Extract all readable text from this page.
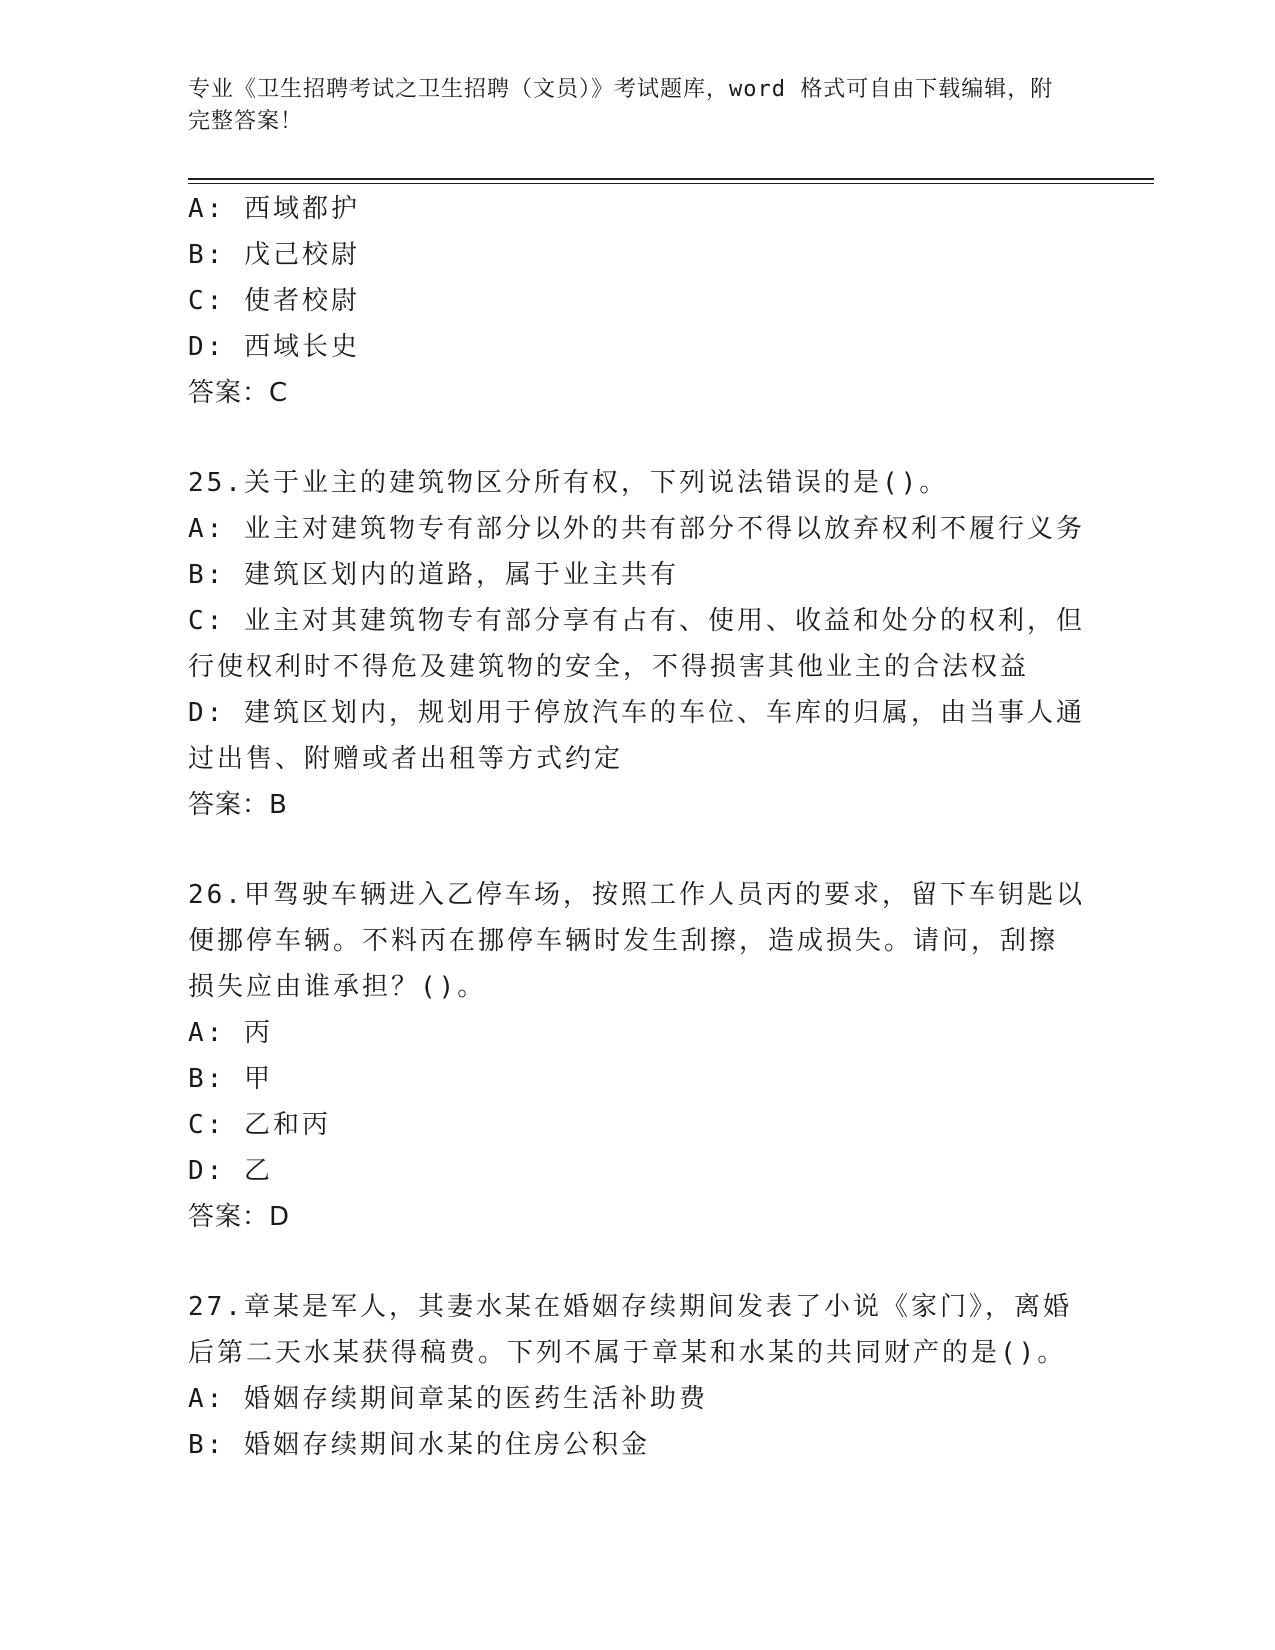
专业《卫生招聘考试之卫生招聘（文员）》考试题库，word 格式可自由下载编辑，附完整答案！
A: 西域都护
B: 戊己校尉
C: 使者校尉
D: 西域长史
答案：C
25.关于业主的建筑物区分所有权，下列说法错误的是()。
A: 业主对建筑物专有部分以外的共有部分不得以放弃权利不履行义务
B: 建筑区划内的道路，属于业主共有
C: 业主对其建筑物专有部分享有占有、使用、收益和处分的权利，但
行使权利时不得危及建筑物的安全，不得损害其他业主的合法权益
D: 建筑区划内，规划用于停放汽车的车位、车库的归属，由当事人通
过出售、附赠或者出租等方式约定
答案：B
26.甲驾驶车辆进入乙停车场，按照工作人员丙的要求，留下车钥匙以
便挪停车辆。不料丙在挪停车辆时发生刮擦，造成损失。请问，刮擦
损失应由谁承担？()。
A: 丙
B: 甲
C: 乙和丙
D: 乙
答案：D
27.章某是军人，其妻水某在婚姻存续期间发表了小说《家门》，离婚
后第二天水某获得稿费。下列不属于章某和水某的共同财产的是()。
A: 婚姻存续期间章某的医药生活补助费
B: 婚姻存续期间水某的住房公积金
